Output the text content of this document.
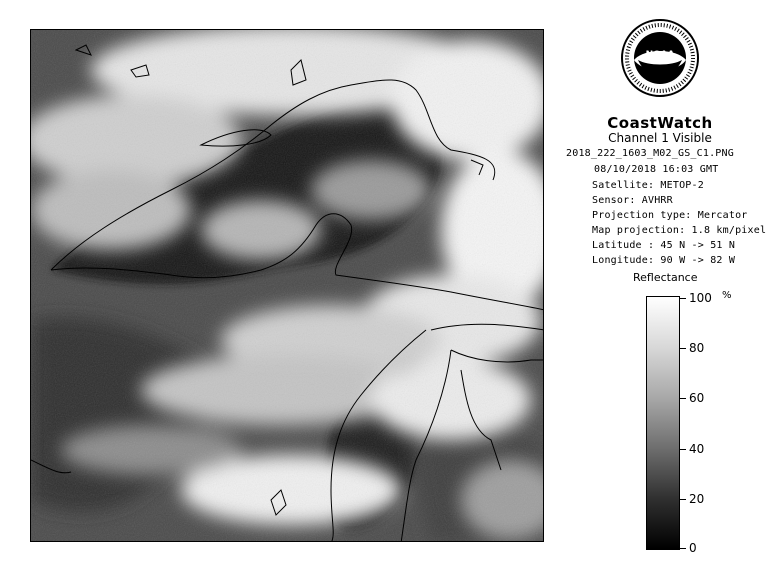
NOAA
CoastWatch
Channel 1 Visible
2018_222_1603_M02_GS_C1.PNG
08/10/2018 16:03 GMT
Satellite: METOP-2
Sensor: AVHRR
Projection type: Mercator
Map projection: 1.8 km/pixel
Latitude : 45 N -> 51 N
Longitude: 90 W -> 82 W
Reflectance
%
100
80
60
40
20
0
